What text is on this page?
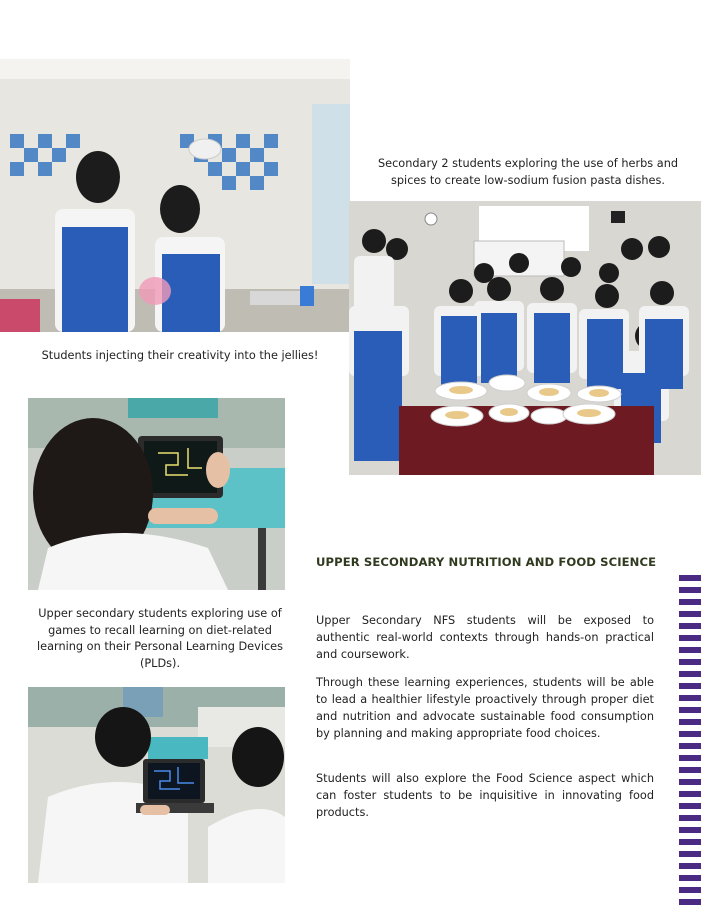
Secondary 2 students exploring the use of herbs and spices to create low-sodium fusion pasta dishes.
Students injecting their creativity into the jellies!
UPPER SECONDARY NUTRITION AND FOOD SCIENCE
Upper secondary students exploring use of games to recall learning on diet-related learning on their Personal Learning Devices (PLDs).

Upper Secondary NFS students will be exposed to authentic real-world contexts through hands-on practical and coursework.

Through these learning experiences, students will be able to lead a healthier lifestyle proactively through proper diet and nutrition and advocate sustainable food consumption by planning and making appropriate food choices.

Students will also explore the Food Science aspect which can foster students to be inquisitive in innovating food products.
